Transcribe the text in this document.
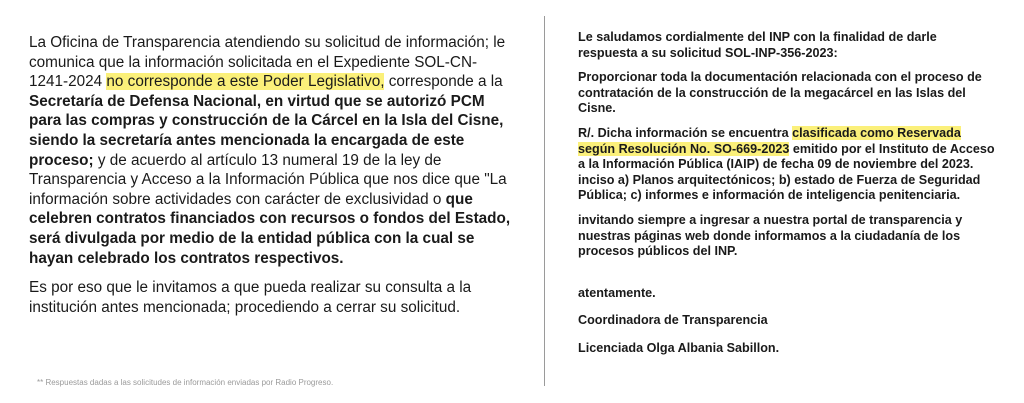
La Oficina de Transparencia atendiendo su solicitud de información; le comunica que la información solicitada en el Expediente SOL-CN-1241-2024 no corresponde a este Poder Legislativo, corresponde a la Secretaría de Defensa Nacional, en virtud que se autorizó PCM para las compras y construcción de la Cárcel en la Isla del Cisne, siendo la secretaría antes mencionada la encargada de este proceso; y de acuerdo al artículo 13 numeral 19 de la ley de Transparencia y Acceso a la Información Pública que nos dice que "La información sobre actividades con carácter de exclusividad o que celebren contratos financiados con recursos o fondos del Estado, será divulgada por medio de la entidad pública con la cual se hayan celebrado los contratos respectivos.

Es por eso que le invitamos a que pueda realizar su consulta a la institución antes mencionada; procediendo a cerrar su solicitud.

Le saludamos cordialmente del INP con la finalidad de darle respuesta a su solicitud SOL-INP-356-2023:

Proporcionar toda la documentación relacionada con el proceso de contratación de la construcción de la megacárcel en las Islas del Cisne.

R/. Dicha información se encuentra clasificada como Reservada según Resolución No. SO-669-2023 emitido por el Instituto de Acceso a la Información Pública (IAIP) de fecha 09 de noviembre del 2023. inciso a) Planos arquitectónicos; b) estado de Fuerza de Seguridad Pública; c) informes e información de inteligencia penitenciaria.

invitando siempre a ingresar a nuestra portal de transparencia y nuestras páginas web donde informamos a la ciudadanía de los procesos públicos del INP.

atentamente.

Coordinadora de Transparencia

Licenciada Olga Albania Sabillon.

** Respuestas dadas a las solicitudes de información enviadas por Radio Progreso.
